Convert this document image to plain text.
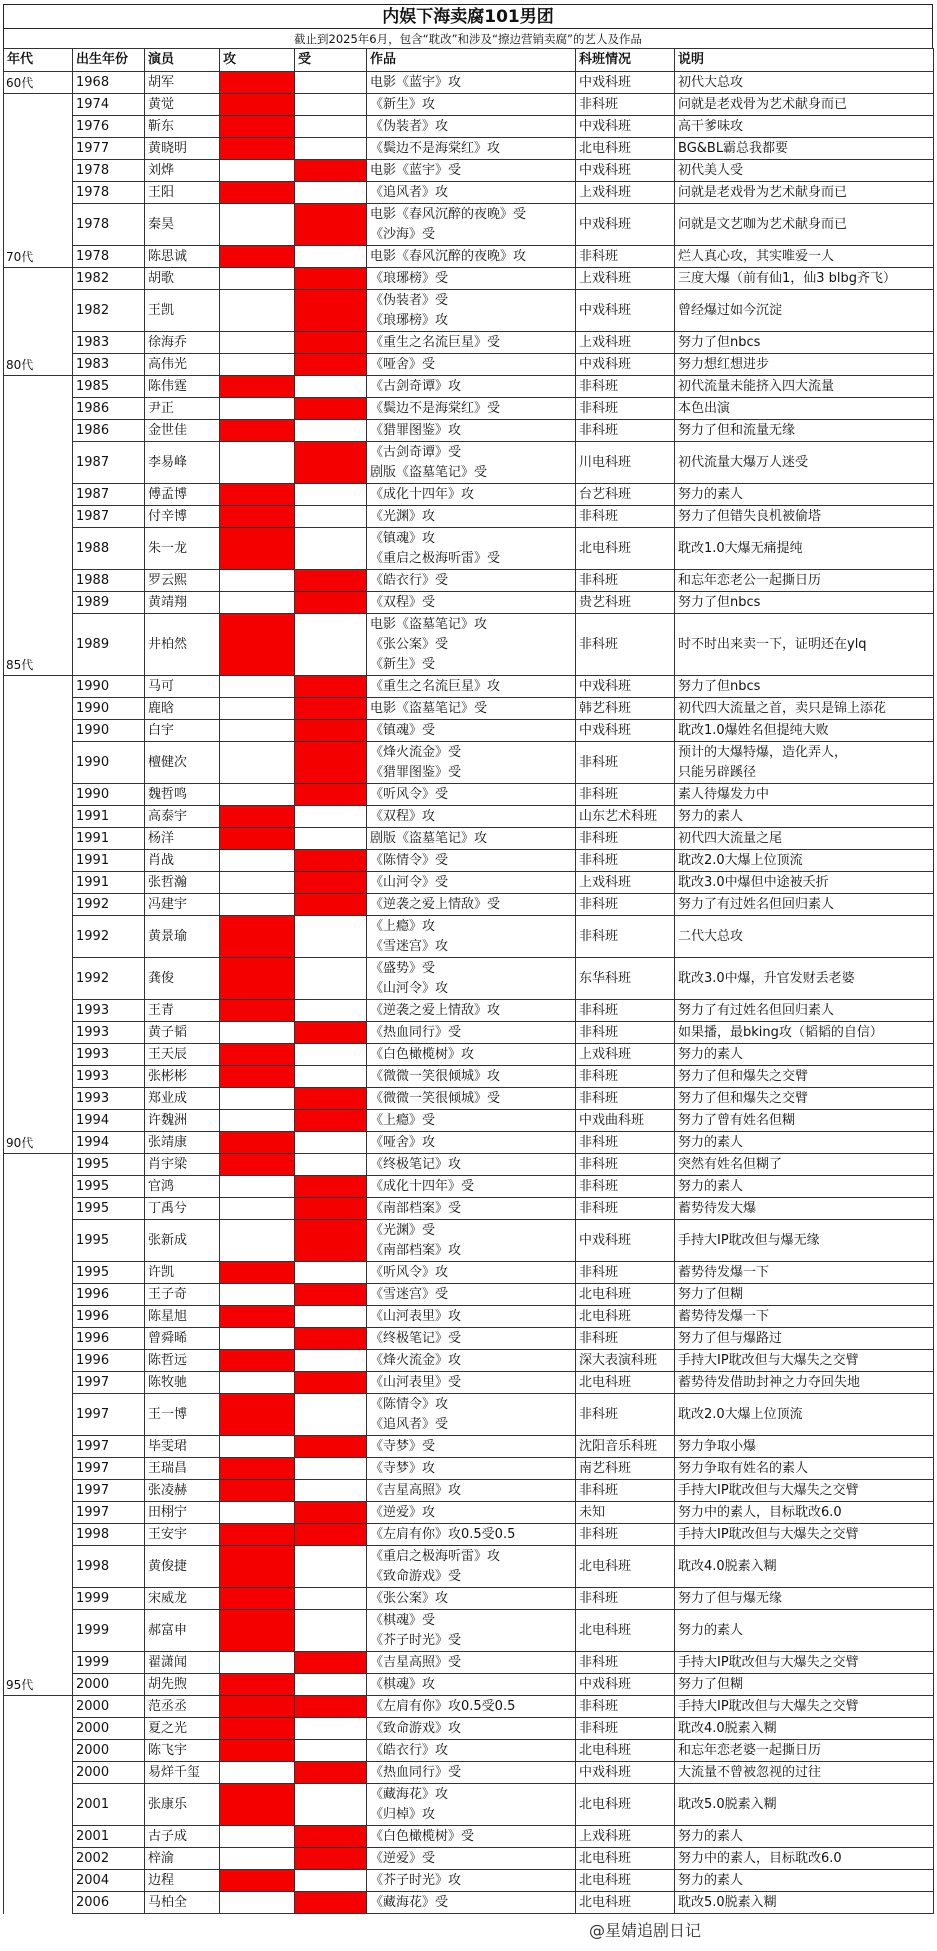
内娱下海卖腐101男团
截止到2025年6月，包含“耽改”和涉及“擦边营销卖腐”的艺人及作品
年代	出生年份	演员	攻	受	作品	科班情况	说明
60代	1968	胡军			电影《蓝宇》攻	中戏科班	初代大总攻

	1974	黄觉			《新生》攻	非科班	问就是老戏骨为艺术献身而已

	1976	靳东			《伪装者》攻	中戏科班	高干爹味攻

	1977	黄晓明			《鬓边不是海棠红》攻	北电科班	BG&BL霸总我都要

	1978	刘烨			电影《蓝宇》受	中戏科班	初代美人受

	1978	王阳			《追风者》攻	上戏科班	问就是老戏骨为艺术献身而已

	1978	秦昊			电影《春风沉醉的夜晚》受
《沙海》受	中戏科班	问就是文艺咖为艺术献身而已

70代	1978	陈思诚			电影《春风沉醉的夜晚》攻	非科班	烂人真心攻，其实唯爱一人

	1982	胡歌			《琅琊榜》受	上戏科班	三度大爆（前有仙1，仙3 blbg齐飞）

	1982	王凯			《伪装者》受
《琅琊榜》攻	中戏科班	曾经爆过如今沉淀

	1983	徐海乔			《重生之名流巨星》受	上戏科班	努力了但nbcs

80代	1983	高伟光			《哑舍》受	中戏科班	努力想红想进步

	1985	陈伟霆			《古剑奇谭》攻	非科班	初代流量未能挤入四大流量

	1986	尹正			《鬓边不是海棠红》受	非科班	本色出演

	1986	金世佳			《猎罪图鉴》攻	非科班	努力了但和流量无缘

	1987	李易峰			《古剑奇谭》受
剧版《盗墓笔记》受	川电科班	初代流量大爆万人迷受

	1987	傅孟博			《成化十四年》攻	台艺科班	努力的素人

	1987	付辛博			《光渊》攻	非科班	努力了但错失良机被偷塔

	1988	朱一龙			《镇魂》攻
《重启之极海听雷》受	北电科班	耽改1.0大爆无痛提纯

	1988	罗云熙			《皓衣行》受	非科班	和忘年恋老公一起撕日历

	1989	黄靖翔			《双程》受	贵艺科班	努力了但nbcs

85代	1989	井柏然			电影《盗墓笔记》攻
《张公案》受
《新生》受	非科班	时不时出来卖一下，证明还在ylq

	1990	马可			《重生之名流巨星》攻	中戏科班	努力了但nbcs

	1990	鹿晗			电影《盗墓笔记》受	韩艺科班	初代四大流量之首，卖只是锦上添花

	1990	白宇			《镇魂》受	中戏科班	耽改1.0爆姓名但提纯大败

	1990	檀健次			《烽火流金》受
《猎罪图鉴》受	非科班	预计的大爆特爆，造化弄人，
只能另辟蹊径

	1990	魏哲鸣			《听风令》受	非科班	素人待爆发力中

	1991	高泰宇			《双程》攻	山东艺术科班	努力的素人

	1991	杨洋			剧版《盗墓笔记》攻	非科班	初代四大流量之尾

	1991	肖战			《陈情令》受	非科班	耽改2.0大爆上位顶流

	1991	张哲瀚			《山河令》受	上戏科班	耽改3.0中爆但中途被夭折

	1992	冯建宇			《逆袭之爱上情敌》受	非科班	努力了有过姓名但回归素人

	1992	黄景瑜			《上瘾》攻
《雪迷宫》攻	非科班	二代大总攻

	1992	龚俊			《盛势》受
《山河令》攻	东华科班	耽改3.0中爆，升官发财丢老婆

	1993	王青			《逆袭之爱上情敌》攻	非科班	努力了有过姓名但回归素人

	1993	黄子韬			《热血同行》受	非科班	如果播，最bking攻（韬韬的自信）

	1993	王天辰			《白色橄榄树》攻	上戏科班	努力的素人

	1993	张彬彬			《微微一笑很倾城》攻	非科班	努力了但和爆失之交臂

	1993	郑业成			《微微一笑很倾城》受	非科班	努力了但和爆失之交臂

	1994	许魏洲			《上瘾》受	中戏曲科班	努力了曾有姓名但糊

90代	1994	张靖康			《哑舍》攻	非科班	努力的素人

	1995	肖宇梁			《终极笔记》攻	非科班	突然有姓名但糊了

	1995	官鸿			《成化十四年》受	非科班	努力的素人

	1995	丁禹兮			《南部档案》受	非科班	蓄势待发大爆

	1995	张新成			《光渊》受
《南部档案》攻	中戏科班	手持大IP耽改但与爆无缘

	1995	许凯			《听风令》攻	非科班	蓄势待发爆一下

	1996	王子奇			《雪迷宫》受	北电科班	努力了但糊

	1996	陈星旭			《山河表里》攻	北电科班	蓄势待发爆一下

	1996	曾舜晞			《终极笔记》受	非科班	努力了但与爆路过

	1996	陈哲远			《烽火流金》攻	深大表演科班	手持大IP耽改但与大爆失之交臂

	1997	陈牧驰			《山河表里》受	北电科班	蓄势待发借助封神之力夺回失地

	1997	王一博			《陈情令》攻
《追风者》受	非科班	耽改2.0大爆上位顶流

	1997	毕雯珺			《寺梦》受	沈阳音乐科班	努力争取小爆

	1997	王瑞昌			《寺梦》攻	南艺科班	努力争取有姓名的素人

	1997	张凌赫			《吉星高照》攻	非科班	手持大IP耽改但与大爆失之交臂

	1997	田栩宁			《逆爱》攻	未知	努力中的素人，目标耽改6.0

	1998	王安宇			《左肩有你》攻0.5受0.5	非科班	手持大IP耽改但与大爆失之交臂

	1998	黄俊捷			《重启之极海听雷》攻
《致命游戏》受	北电科班	耽改4.0脱素入糊

	1999	宋威龙			《张公案》攻	非科班	努力了但与爆无缘

	1999	郝富申			《棋魂》受
《芥子时光》受	北电科班	努力的素人

	1999	翟潇闻			《吉星高照》受	非科班	手持大IP耽改但与大爆失之交臂

95代	2000	胡先煦			《棋魂》攻	中戏科班	努力了但糊

	2000	范丞丞			《左肩有你》攻0.5受0.5	非科班	手持大IP耽改但与大爆失之交臂

	2000	夏之光			《致命游戏》攻	非科班	耽改4.0脱素入糊

	2000	陈飞宇			《皓衣行》攻	北电科班	和忘年恋老婆一起撕日历

	2000	易烊千玺			《热血同行》受	中戏科班	大流量不曾被忽视的过往

	2001	张康乐			《藏海花》攻
《归棹》攻	北电科班	耽改5.0脱素入糊

	2001	古子成			《白色橄榄树》受	上戏科班	努力的素人

	2002	梓渝			《逆爱》受	北电科班	努力中的素人，目标耽改6.0

	2004	边程			《芥子时光》攻	北电科班	努力的素人

	2006	马柏全			《藏海花》受	北电科班	耽改5.0脱素入糊
@星婧追剧日记
